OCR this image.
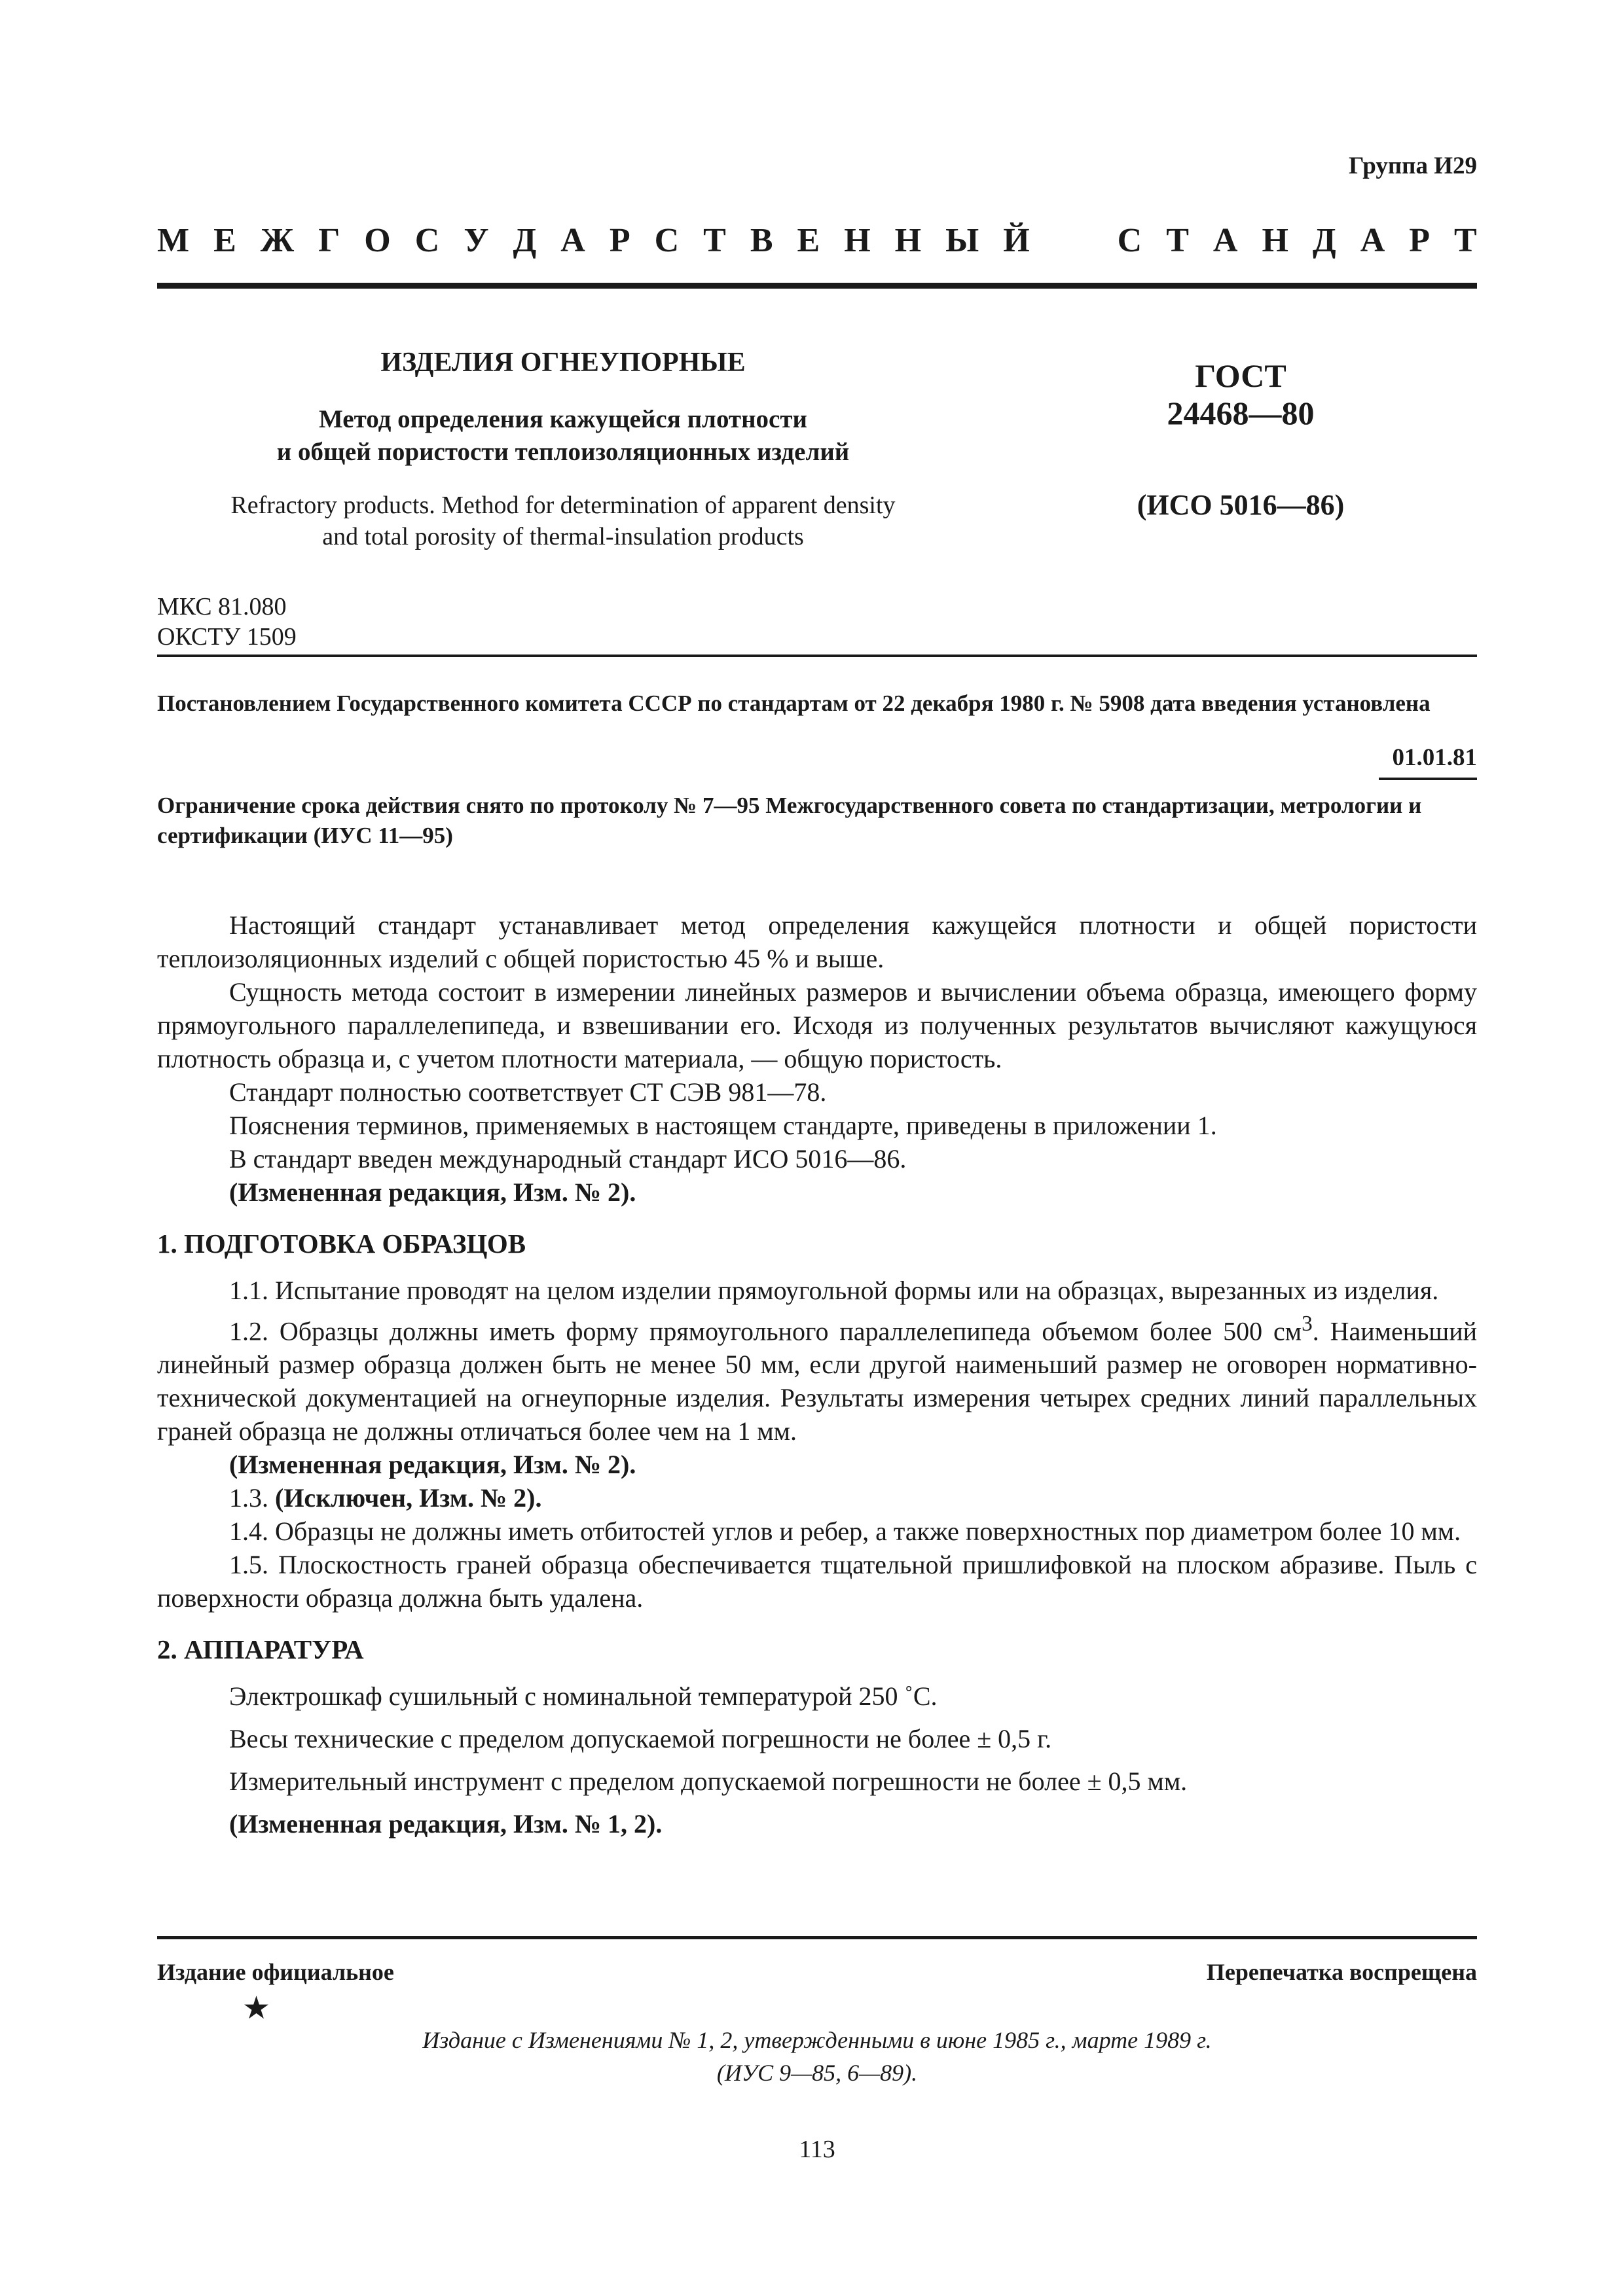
Группа И29
М Е Ж Г О С У Д А Р С Т В Е Н Н Ы Й	С Т А Н Д А Р Т

ИЗДЕЛИЯ ОГНЕУПОРНЫЕ

Метод определения кажущейся плотности

и общей пористости теплоизоляционных изделий

Refractory products. Method for determination of apparent density
and total porosity of thermal-insulation products

ГОСТ
24468—80
(ИСО 5016—86)
МКС 81.080
ОКСТУ 1509
Постановлением Государственного комитета СССР по стандартам от 22 декабря 1980 г. № 5908 дата введения установлена
01.01.81
Ограничение срока действия снято по протоколу № 7—95 Межгосударственного совета по стандартизации, метрологии и сертификации (ИУС 11—95)

Настоящий стандарт устанавливает метод определения кажущейся плотности и общей пористости теплоизоляционных изделий с общей пористостью 45 % и выше.

Сущность метода состоит в измерении линейных размеров и вычислении объема образца, имеющего форму прямоугольного параллелепипеда, и взвешивании его. Исходя из полученных результатов вычисляют кажущуюся плотность образца и, с учетом плотности материала, — общую пористость.

Стандарт полностью соответствует СТ СЭВ 981—78.

Пояснения терминов, применяемых в настоящем стандарте, приведены в приложении 1.

В стандарт введен международный стандарт ИСО 5016—86.

(Измененная редакция, Изм. № 2).

1. ПОДГОТОВКА ОБРАЗЦОВ

1.1. Испытание проводят на целом изделии прямоугольной формы или на образцах, вырезанных из изделия.

1.2. Образцы должны иметь форму прямоугольного параллелепипеда объемом более 500 $см^3$. Наименьший линейный размер образца должен быть не менее 50 мм, если другой наименьший размер не оговорен нормативно-технической документацией на огнеупорные изделия. Результаты измерения четырех средних линий параллельных граней образца не должны отличаться более чем на 1 мм.

(Измененная редакция, Изм. № 2).

1.3. (Исключен, Изм. № 2).

1.4. Образцы не должны иметь отбитостей углов и ребер, а также поверхностных пор диаметром более 10 мм.

1.5. Плоскостность граней образца обеспечивается тщательной пришлифовкой на плоском абразиве. Пыль с поверхности образца должна быть удалена.

2. АППАРАТУРА

Электрошкаф сушильный с номинальной температурой 250 ˚С.

Весы технические с пределом допускаемой погрешности не более ± 0,5 г.

Измерительный инструмент с пределом допускаемой погрешности не более ± 0,5 мм.

(Измененная редакция, Изм. № 1, 2).

Издание официальное	Перепечатка воспрещена
★
Издание с Изменениями № 1, 2, утвержденными в июне 1985 г., марте 1989 г.
(ИУС 9—85, 6—89).
113
